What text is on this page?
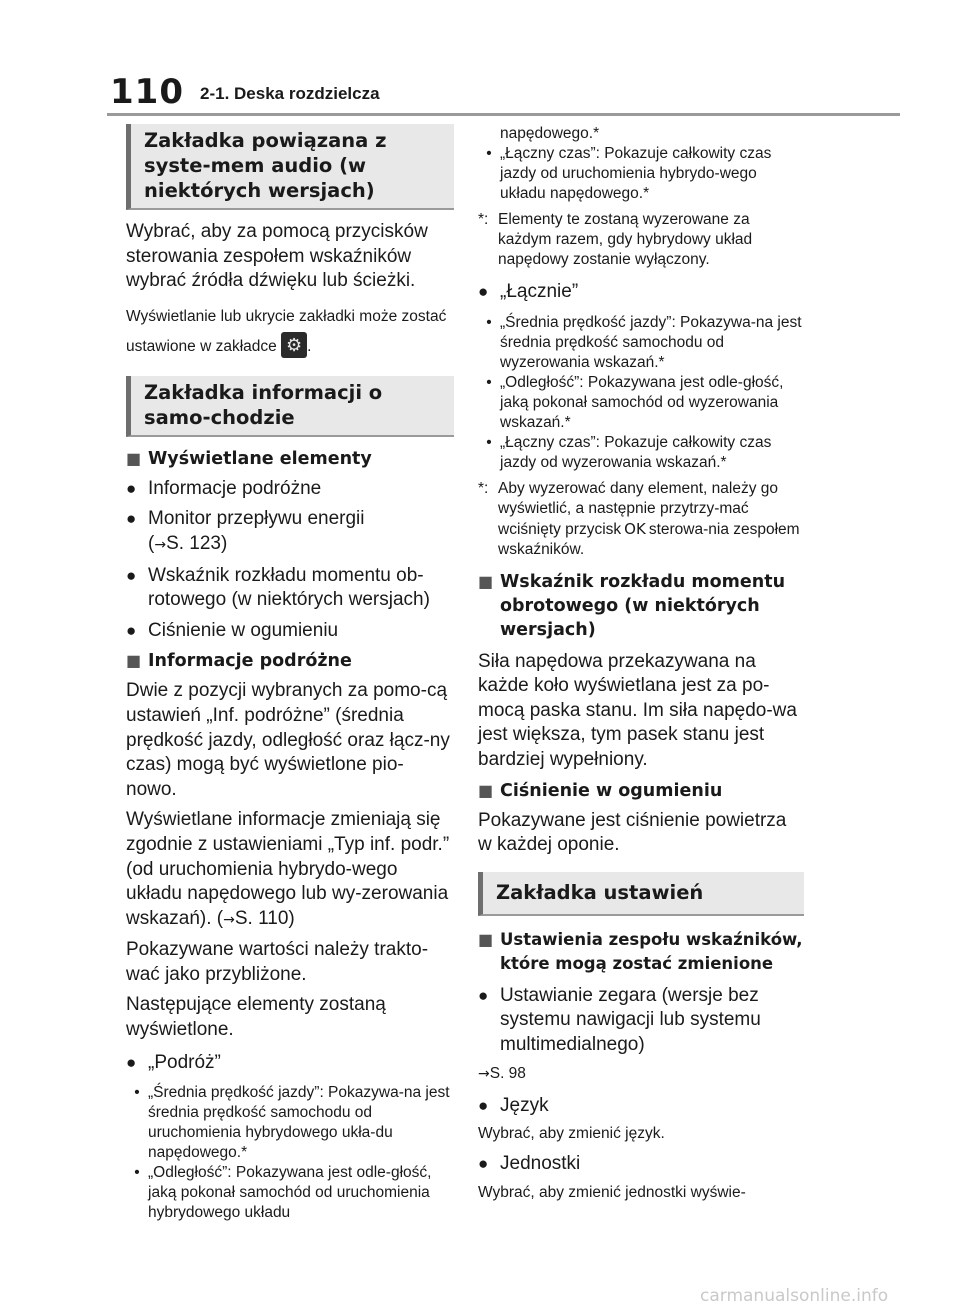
110 2-1. Deska rozdzielcza
Zakładka powiązana z syste-mem audio (w niektórych wersjach)

Wybrać, aby za pomocą przycisków sterowania zespołem wskaźników wybrać źródła dźwięku lub ścieżki.

Wyświetlanie lub ukrycie zakładki może zostać ustawione w zakładce ⚙ .

Zakładka informacji o samo-chodzie
■ Wyświetlane elementy
● Informacje podróżne
● Monitor przepływu energii
(→S. 123)
● Wskaźnik rozkładu momentu ob-rotowego (w niektórych wersjach)
● Ciśnienie w ogumieniu
■ Informacje podróżne

Dwie z pozycji wybranych za pomo-cą ustawień „Inf. podróżne” (średnia prędkość jazdy, odległość oraz łącz-ny czas) mogą być wyświetlone pio-nowo.

Wyświetlane informacje zmieniają się zgodnie z ustawieniami „Typ inf. podr.” (od uruchomienia hybrydo-wego układu napędowego lub wy-zerowania wskazań). (→S. 110)

Pokazywane wartości należy trakto-wać jako przybliżone.

Następujące elementy zostaną wyświetlone.

● „Podróż”
• „Średnia prędkość jazdy”: Pokazywa-na jest średnia prędkość samochodu od uruchomienia hybrydowego ukła-du napędowego.*
• „Odległość”: Pokazywana jest odle-głość, jaką pokonał samochód od uruchomienia hybrydowego układu
napędowego.*
• „Łączny czas”: Pokazuje całkowity czas jazdy od uruchomienia hybrydo-wego układu napędowego.*
*: Elementy te zostaną wyzerowane za każdym razem, gdy hybrydowy układ napędowy zostanie wyłączony.
● „Łącznie”
• „Średnia prędkość jazdy”: Pokazywa-na jest średnia prędkość samochodu od wyzerowania wskazań.*
• „Odległość”: Pokazywana jest odle-głość, jaką pokonał samochód od wyzerowania wskazań.*
• „Łączny czas”: Pokazuje całkowity czas jazdy od wyzerowania wskazań.*
*: Aby wyzerować dany element, należy go wyświetlić, a następnie przytrzy-mać wciśnięty przycisk OK sterowa-nia zespołem wskaźników.
■ Wskaźnik rozkładu momentu obrotowego (w niektórych wersjach)

Siła napędowa przekazywana na każde koło wyświetlana jest za po-mocą paska stanu. Im siła napędo-wa jest większa, tym pasek stanu jest bardziej wypełniony.

■ Ciśnienie w ogumieniu

Pokazywane jest ciśnienie powietrza w każdej oponie.

Zakładka ustawień
■ Ustawienia zespołu wskaźników, które mogą zostać zmienione
● Ustawianie zegara (wersje bez systemu nawigacji lub systemu multimedialnego)

→S. 98

● Język

Wybrać, aby zmienić język.

● Jednostki

Wybrać, aby zmienić jednostki wyświe-

carmanualsonline.info
